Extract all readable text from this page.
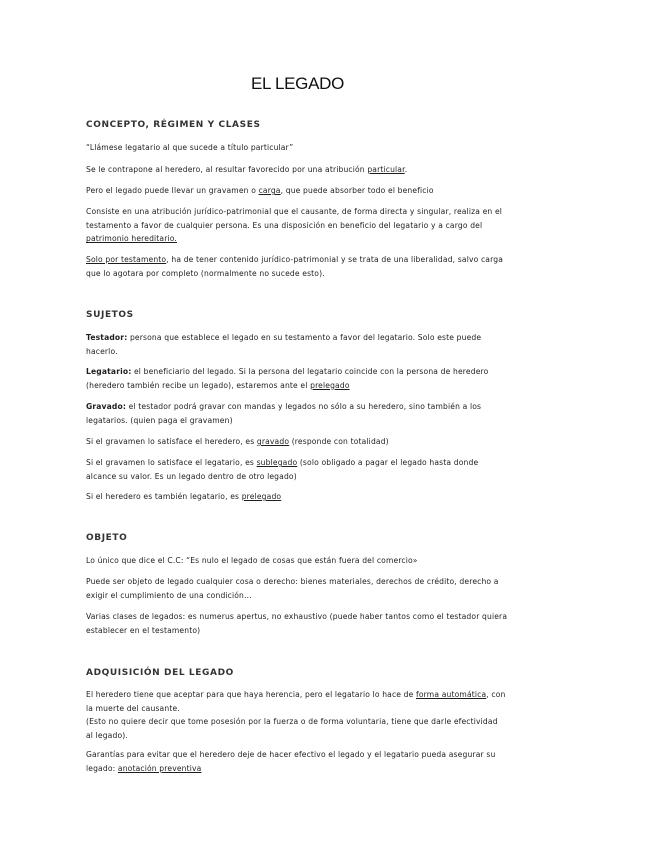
EL LEGADO
CONCEPTO, RÉGIMEN Y CLASES
“Llámese legatario al que sucede a título particular”
Se le contrapone al heredero, al resultar favorecido por una atribución particular.
Pero el legado puede llevar un gravamen o carga, que puede absorber todo el beneficio
Consiste en una atribución jurídico-patrimonial que el causante, de forma directa y singular, realiza en el
testamento a favor de cualquier persona. Es una disposición en beneficio del legatario y a cargo del
patrimonio hereditario.
Solo por testamento, ha de tener contenido jurídico-patrimonial y se trata de una liberalidad, salvo carga
que lo agotara por completo (normalmente no sucede esto).
SUJETOS
Testador: persona que establece el legado en su testamento a favor del legatario. Solo este puede
hacerlo.
Legatario: el beneficiario del legado. Si la persona del legatario coincide con la persona de heredero
(heredero también recibe un legado), estaremos ante el prelegado
Gravado: el testador podrá gravar con mandas y legados no sólo a su heredero, sino también a los
legatarios. (quien paga el gravamen)
Si el gravamen lo satisface el heredero, es gravado (responde con totalidad)
Si el gravamen lo satisface el legatario, es sublegado (solo obligado a pagar el legado hasta donde
alcance su valor. Es un legado dentro de otro legado)
Si el heredero es también legatario, es prelegado
OBJETO
Lo único que dice el C.C: “Es nulo el legado de cosas que están fuera del comercio»
Puede ser objeto de legado cualquier cosa o derecho: bienes materiales, derechos de crédito, derecho a
exigir el cumplimiento de una condición…
Varias clases de legados: es numerus apertus, no exhaustivo (puede haber tantos como el testador quiera
establecer en el testamento)
ADQUISICIÓN DEL LEGADO
El heredero tiene que aceptar para que haya herencia, pero el legatario lo hace de forma automática, con
la muerte del causante.
(Esto no quiere decir que tome posesión por la fuerza o de forma voluntaria, tiene que darle efectividad
al legado).
Garantías para evitar que el heredero deje de hacer efectivo el legado y el legatario pueda asegurar su
legado: anotación preventiva
